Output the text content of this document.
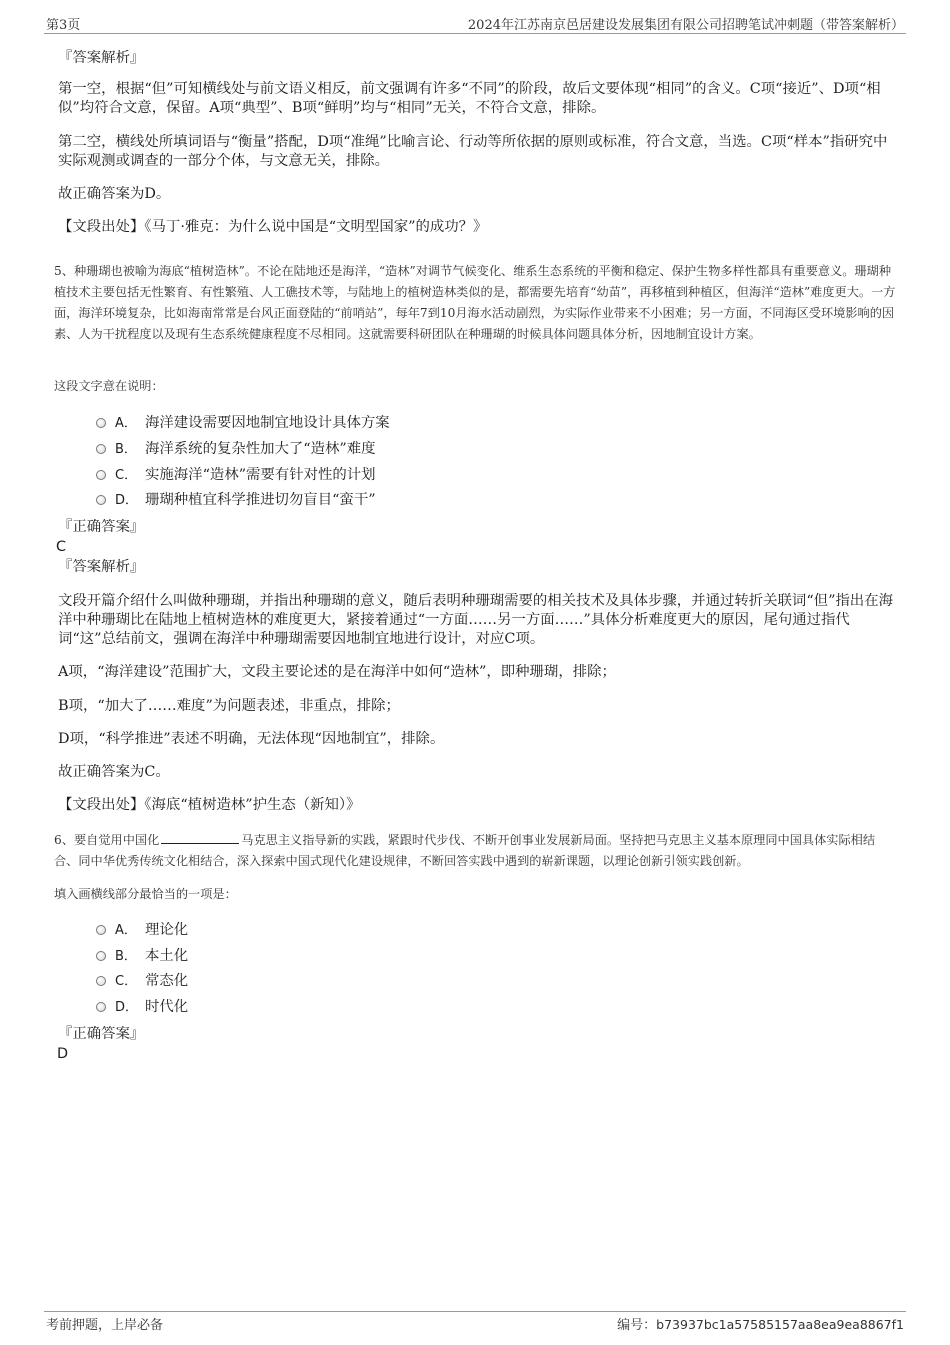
第3页	2024年江苏南京邑居建设发展集团有限公司招聘笔试冲刺题（带答案解析）
『答案解析』
第一空，根据“但”可知横线处与前文语义相反，前文强调有许多“不同”的阶段，故后文要体现“相同”的含义。C项“接近”、D项“相似”均符合文意，保留。A项“典型”、B项“鲜明”均与“相同”无关，不符合文意，排除。
第二空，横线处所填词语与“衡量”搭配，D项“准绳”比喻言论、行动等所依据的原则或标准，符合文意，当选。C项“样本”指研究中实际观测或调查的一部分个体，与文意无关，排除。
故正确答案为D。
【文段出处】《马丁·雅克：为什么说中国是“文明型国家”的成功？》
5、种珊瑚也被喻为海底“植树造林”。不论在陆地还是海洋，“造林”对调节气候变化、维系生态系统的平衡和稳定、保护生物多样性都具有重要意义。珊瑚种植技术主要包括无性繁育、有性繁殖、人工礁技术等，与陆地上的植树造林类似的是，都需要先培育“幼苗”，再移植到种植区，但海洋“造林”难度更大。一方面，海洋环境复杂，比如海南常常是台风正面登陆的“前哨站”，每年7到10月海水活动剧烈，为实际作业带来不小困难；另一方面，不同海区受环境影响的因素、人为干扰程度以及现有生态系统健康程度不尽相同。这就需要科研团队在种珊瑚的时候具体问题具体分析，因地制宜设计方案。
这段文字意在说明：
A． 海洋建设需要因地制宜地设计具体方案
B． 海洋系统的复杂性加大了“造林”难度
C． 实施海洋“造林”需要有针对性的计划
D． 珊瑚种植宜科学推进切勿盲目“蛮干”
『正确答案』
C
『答案解析』
文段开篇介绍什么叫做种珊瑚，并指出种珊瑚的意义，随后表明种珊瑚需要的相关技术及具体步骤，并通过转折关联词“但”指出在海洋中种珊瑚比在陆地上植树造林的难度更大，紧接着通过“一方面……另一方面……”具体分析难度更大的原因，尾句通过指代词“这”总结前文，强调在海洋中种珊瑚需要因地制宜地进行设计，对应C项。
A项，“海洋建设”范围扩大，文段主要论述的是在海洋中如何“造林”，即种珊瑚，排除；
B项，“加大了……难度”为问题表述，非重点，排除；
D项，“科学推进”表述不明确，无法体现“因地制宜”，排除。
故正确答案为C。
【文段出处】《海底“植树造林”护生态（新知）》
6、要自觉用中国化	马克思主义指导新的实践，紧跟时代步伐、不断开创事业发展新局面。坚持把马克思主义基本原理同中国具体实际相结合、同中华优秀传统文化相结合，深入探索中国式现代化建设规律，不断回答实践中遇到的崭新课题，以理论创新引领实践创新。
填入画横线部分最恰当的一项是：
A． 理论化
B． 本土化
C． 常态化
D． 时代化
『正确答案』
D
考前押题，上岸必备	编号：b73937bc1a57585157aa8ea9ea8867f1
